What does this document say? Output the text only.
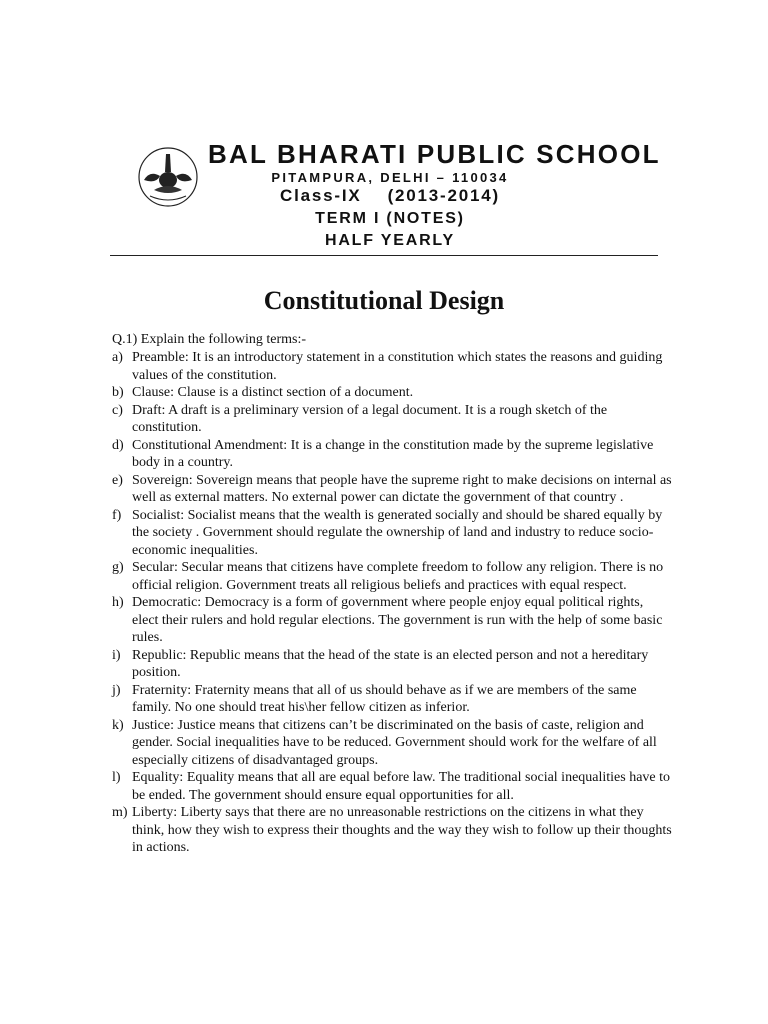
BAL BHARATI PUBLIC SCHOOL
PITAMPURA, DELHI – 110034
Class-IX    (2013-2014)
TERM I (NOTES)
HALF YEARLY
Constitutional Design
Q.1) Explain the following terms:-
a) Preamble: It is an introductory statement in a constitution which states the reasons and guiding values of the constitution.
b) Clause: Clause is a distinct section of a document.
c) Draft: A draft is a preliminary version of a legal document. It is a rough sketch of the constitution.
d) Constitutional Amendment: It is a change in the constitution made by the supreme legislative body in a country.
e) Sovereign: Sovereign means that people have the supreme right to make decisions on internal as well as external matters. No external power can dictate the government of that country .
f) Socialist: Socialist means that the wealth is generated socially and should be shared equally by the society . Government should regulate the ownership of land and industry to reduce socio-economic inequalities.
g) Secular: Secular means that citizens have complete freedom to follow any religion. There is no official religion. Government treats all religious beliefs and practices with equal respect.
h) Democratic: Democracy is a form of government where people enjoy equal political rights, elect their rulers and hold regular elections. The government is run with the help of some basic rules.
i) Republic: Republic means that the head of the state is an elected person and not a hereditary position.
j) Fraternity: Fraternity means that all of us should behave as if we are members of the same family. No one should treat his\her fellow citizen as inferior.
k) Justice: Justice means that citizens can’t be discriminated on the basis of caste, religion and gender. Social inequalities have to be reduced. Government should work for the welfare of all especially citizens of disadvantaged groups.
l) Equality: Equality means that all are equal before law. The traditional social inequalities have to be ended. The government should ensure equal opportunities for all.
m) Liberty: Liberty says that there are no unreasonable restrictions on the citizens in what they think, how they wish to express their thoughts and the way they wish to follow up their thoughts in actions.
